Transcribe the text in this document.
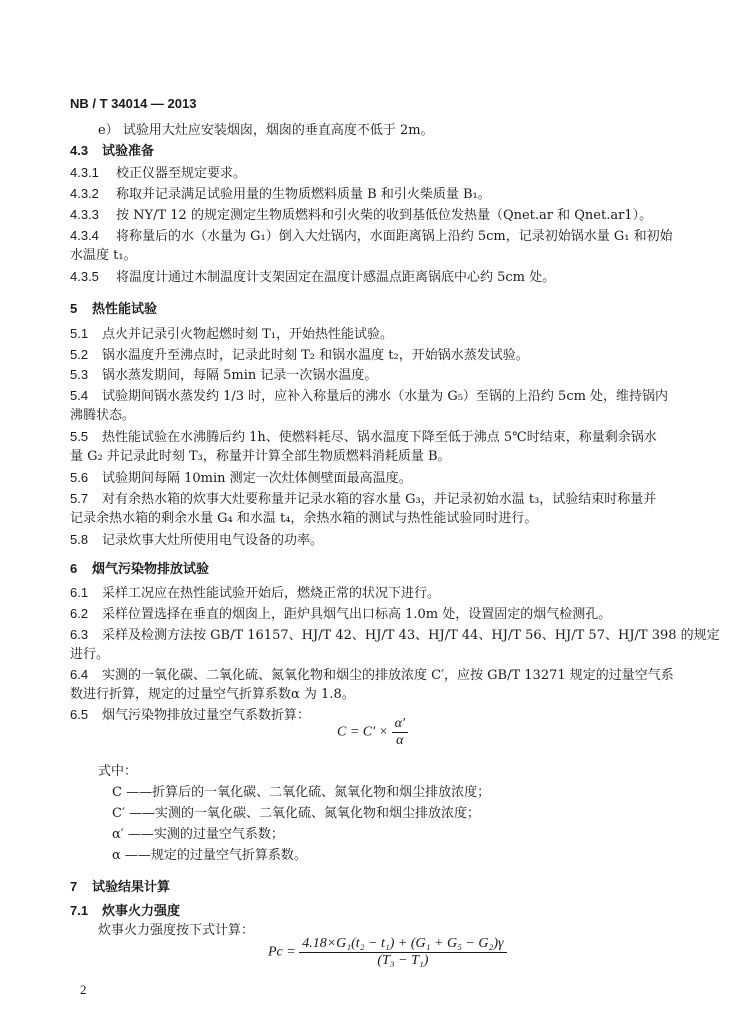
NB / T 34014 — 2013
e） 试验用大灶应安装烟囱，烟囱的垂直高度不低于 2m。
4.3 试验准备
4.3.1 校正仪器至规定要求。
4.3.2 称取并记录满足试验用量的生物质燃料质量 B 和引火柴质量 B₁。
4.3.3 按 NY/T 12 的规定测定生物质燃料和引火柴的收到基低位发热量（Qnet.ar 和 Qnet.ar1）。
4.3.4 将称量后的水（水量为 G₁）倒入大灶锅内，水面距离锅上沿约 5cm，记录初始锅水量 G₁ 和初始
水温度 t₁。
4.3.5 将温度计通过木制温度计支架固定在温度计感温点距离锅底中心约 5cm 处。
5 热性能试验
5.1 点火并记录引火物起燃时刻 T₁，开始热性能试验。
5.2 锅水温度升至沸点时，记录此时刻 T₂ 和锅水温度 t₂，开始锅水蒸发试验。
5.3 锅水蒸发期间，每隔 5min 记录一次锅水温度。
5.4 试验期间锅水蒸发约 1/3 时，应补入称量后的沸水（水量为 G₅）至锅的上沿约 5cm 处，维持锅内
沸腾状态。
5.5 热性能试验在水沸腾后约 1h、使燃料耗尽、锅水温度下降至低于沸点 5℃时结束，称量剩余锅水
量 G₂ 并记录此时刻 T₃，称量并计算全部生物质燃料消耗质量 B。
5.6 试验期间每隔 10min 测定一次灶体侧壁面最高温度。
5.7 对有余热水箱的炊事大灶要称量并记录水箱的容水量 G₃，并记录初始水温 t₃，试验结束时称量并
记录余热水箱的剩余水量 G₄ 和水温 t₄，余热水箱的测试与热性能试验同时进行。
5.8 记录炊事大灶所使用电气设备的功率。
6 烟气污染物排放试验
6.1 采样工况应在热性能试验开始后，燃烧正常的状况下进行。
6.2 采样位置选择在垂直的烟囱上，距炉具烟气出口标高 1.0m 处，设置固定的烟气检测孔。
6.3 采样及检测方法按 GB/T 16157、HJ/T 42、HJ/T 43、HJ/T 44、HJ/T 56、HJ/T 57、HJ/T 398 的规定
进行。
6.4 实测的一氧化碳、二氧化硫、氮氧化物和烟尘的排放浓度 C′，应按 GB/T 13271 规定的过量空气系
数进行折算，规定的过量空气折算系数α 为 1.8。
6.5 烟气污染物排放过量空气系数折算：
$C = C' \times \frac{\alpha'}{\alpha}$
式中：
C ——折算后的一氧化碳、二氧化硫、氮氧化物和烟尘排放浓度；
C′ ——实测的一氧化碳、二氧化硫、氮氧化物和烟尘排放浓度；
α′ ——实测的过量空气系数；
α ——规定的过量空气折算系数。
7 试验结果计算
7.1 炊事火力强度
炊事火力强度按下式计算：
$Pc = \frac{\text{4.18×G₁(t₂ − t₁) + (G₁ + G₅ − G₂)γ}}{\text{(T₃ − T₁)}}$
2
